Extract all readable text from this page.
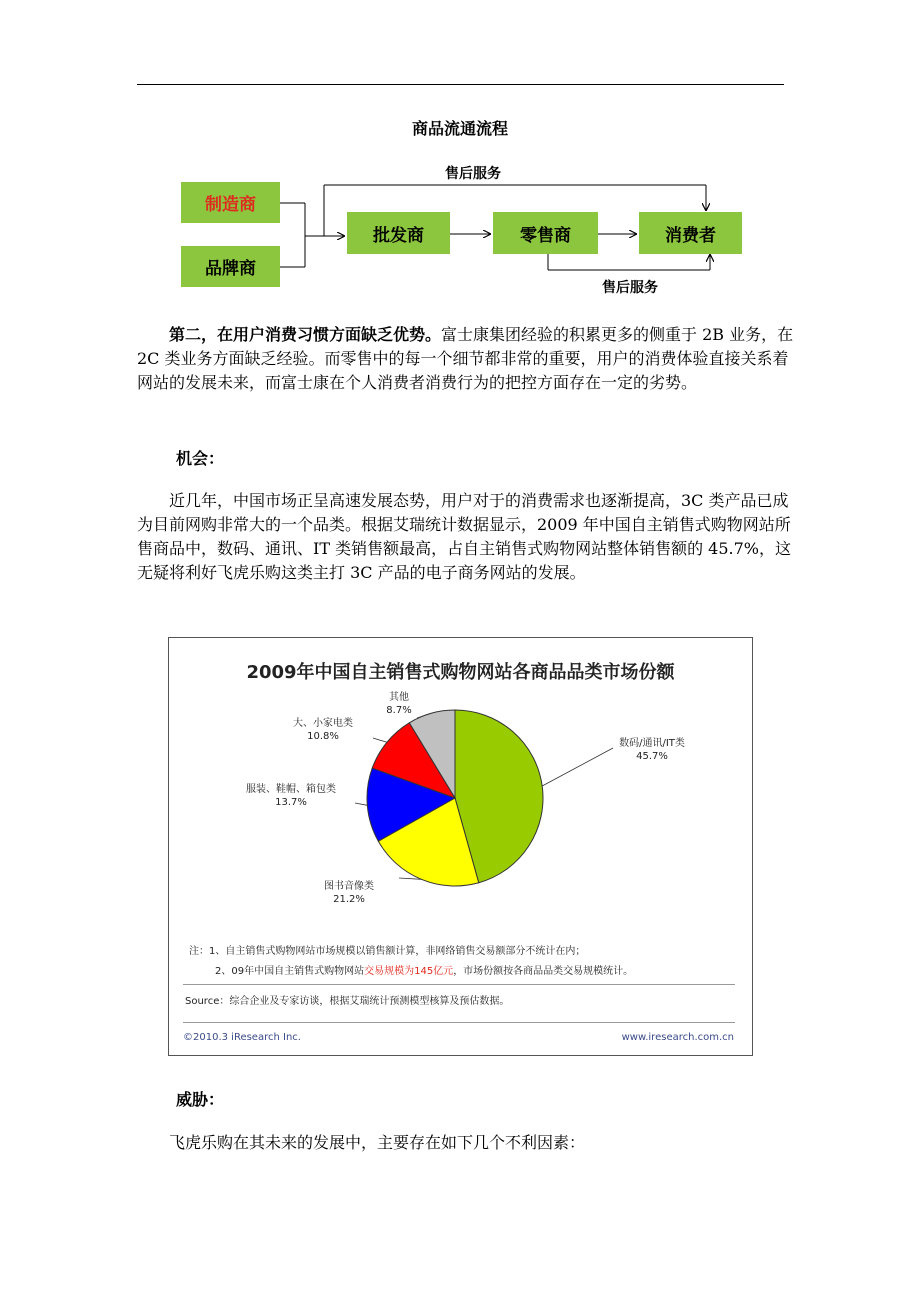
商品流通流程
制造商
品牌商
批发商	零售商	消费者
售后服务
售后服务

第二，在用户消费习惯方面缺乏优势。富士康集团经验的积累更多的侧重于 2B 业务，在 2C 类业务方面缺乏经验。而零售中的每一个细节都非常的重要，用户的消费体验直接关系着网站的发展未来，而富士康在个人消费者消费行为的把控方面存在一定的劣势。

机会：

近几年，中国市场正呈高速发展态势，用户对于的消费需求也逐渐提高，3C 类产品已成为目前网购非常大的一个品类。根据艾瑞统计数据显示，2009 年中国自主销售式购物网站所售商品中，数码、通讯、IT 类销售额最高，占自主销售式购物网站整体销售额的 45.7%，这无疑将利好飞虎乐购这类主打 3C 产品的电子商务网站的发展。

2009年中国自主销售式购物网站各商品品类市场份额
数码/通讯/IT类
45.7%
图书音像类
21.2%
服装、鞋帽、箱包类
13.7%
大、小家电类
10.8%
其他
8.7%
注：1、自主销售式购物网站市场规模以销售额计算，非网络销售交易额部分不统计在内；
2、09年中国自主销售式购物网站交易规模为145亿元，市场份额按各商品品类交易规模统计。
Source：综合企业及专家访谈，根据艾瑞统计预测模型核算及预估数据。
©2010.3 iResearch Inc.	www.iresearch.com.cn
威胁：

飞虎乐购在其未来的发展中，主要存在如下几个不利因素：
